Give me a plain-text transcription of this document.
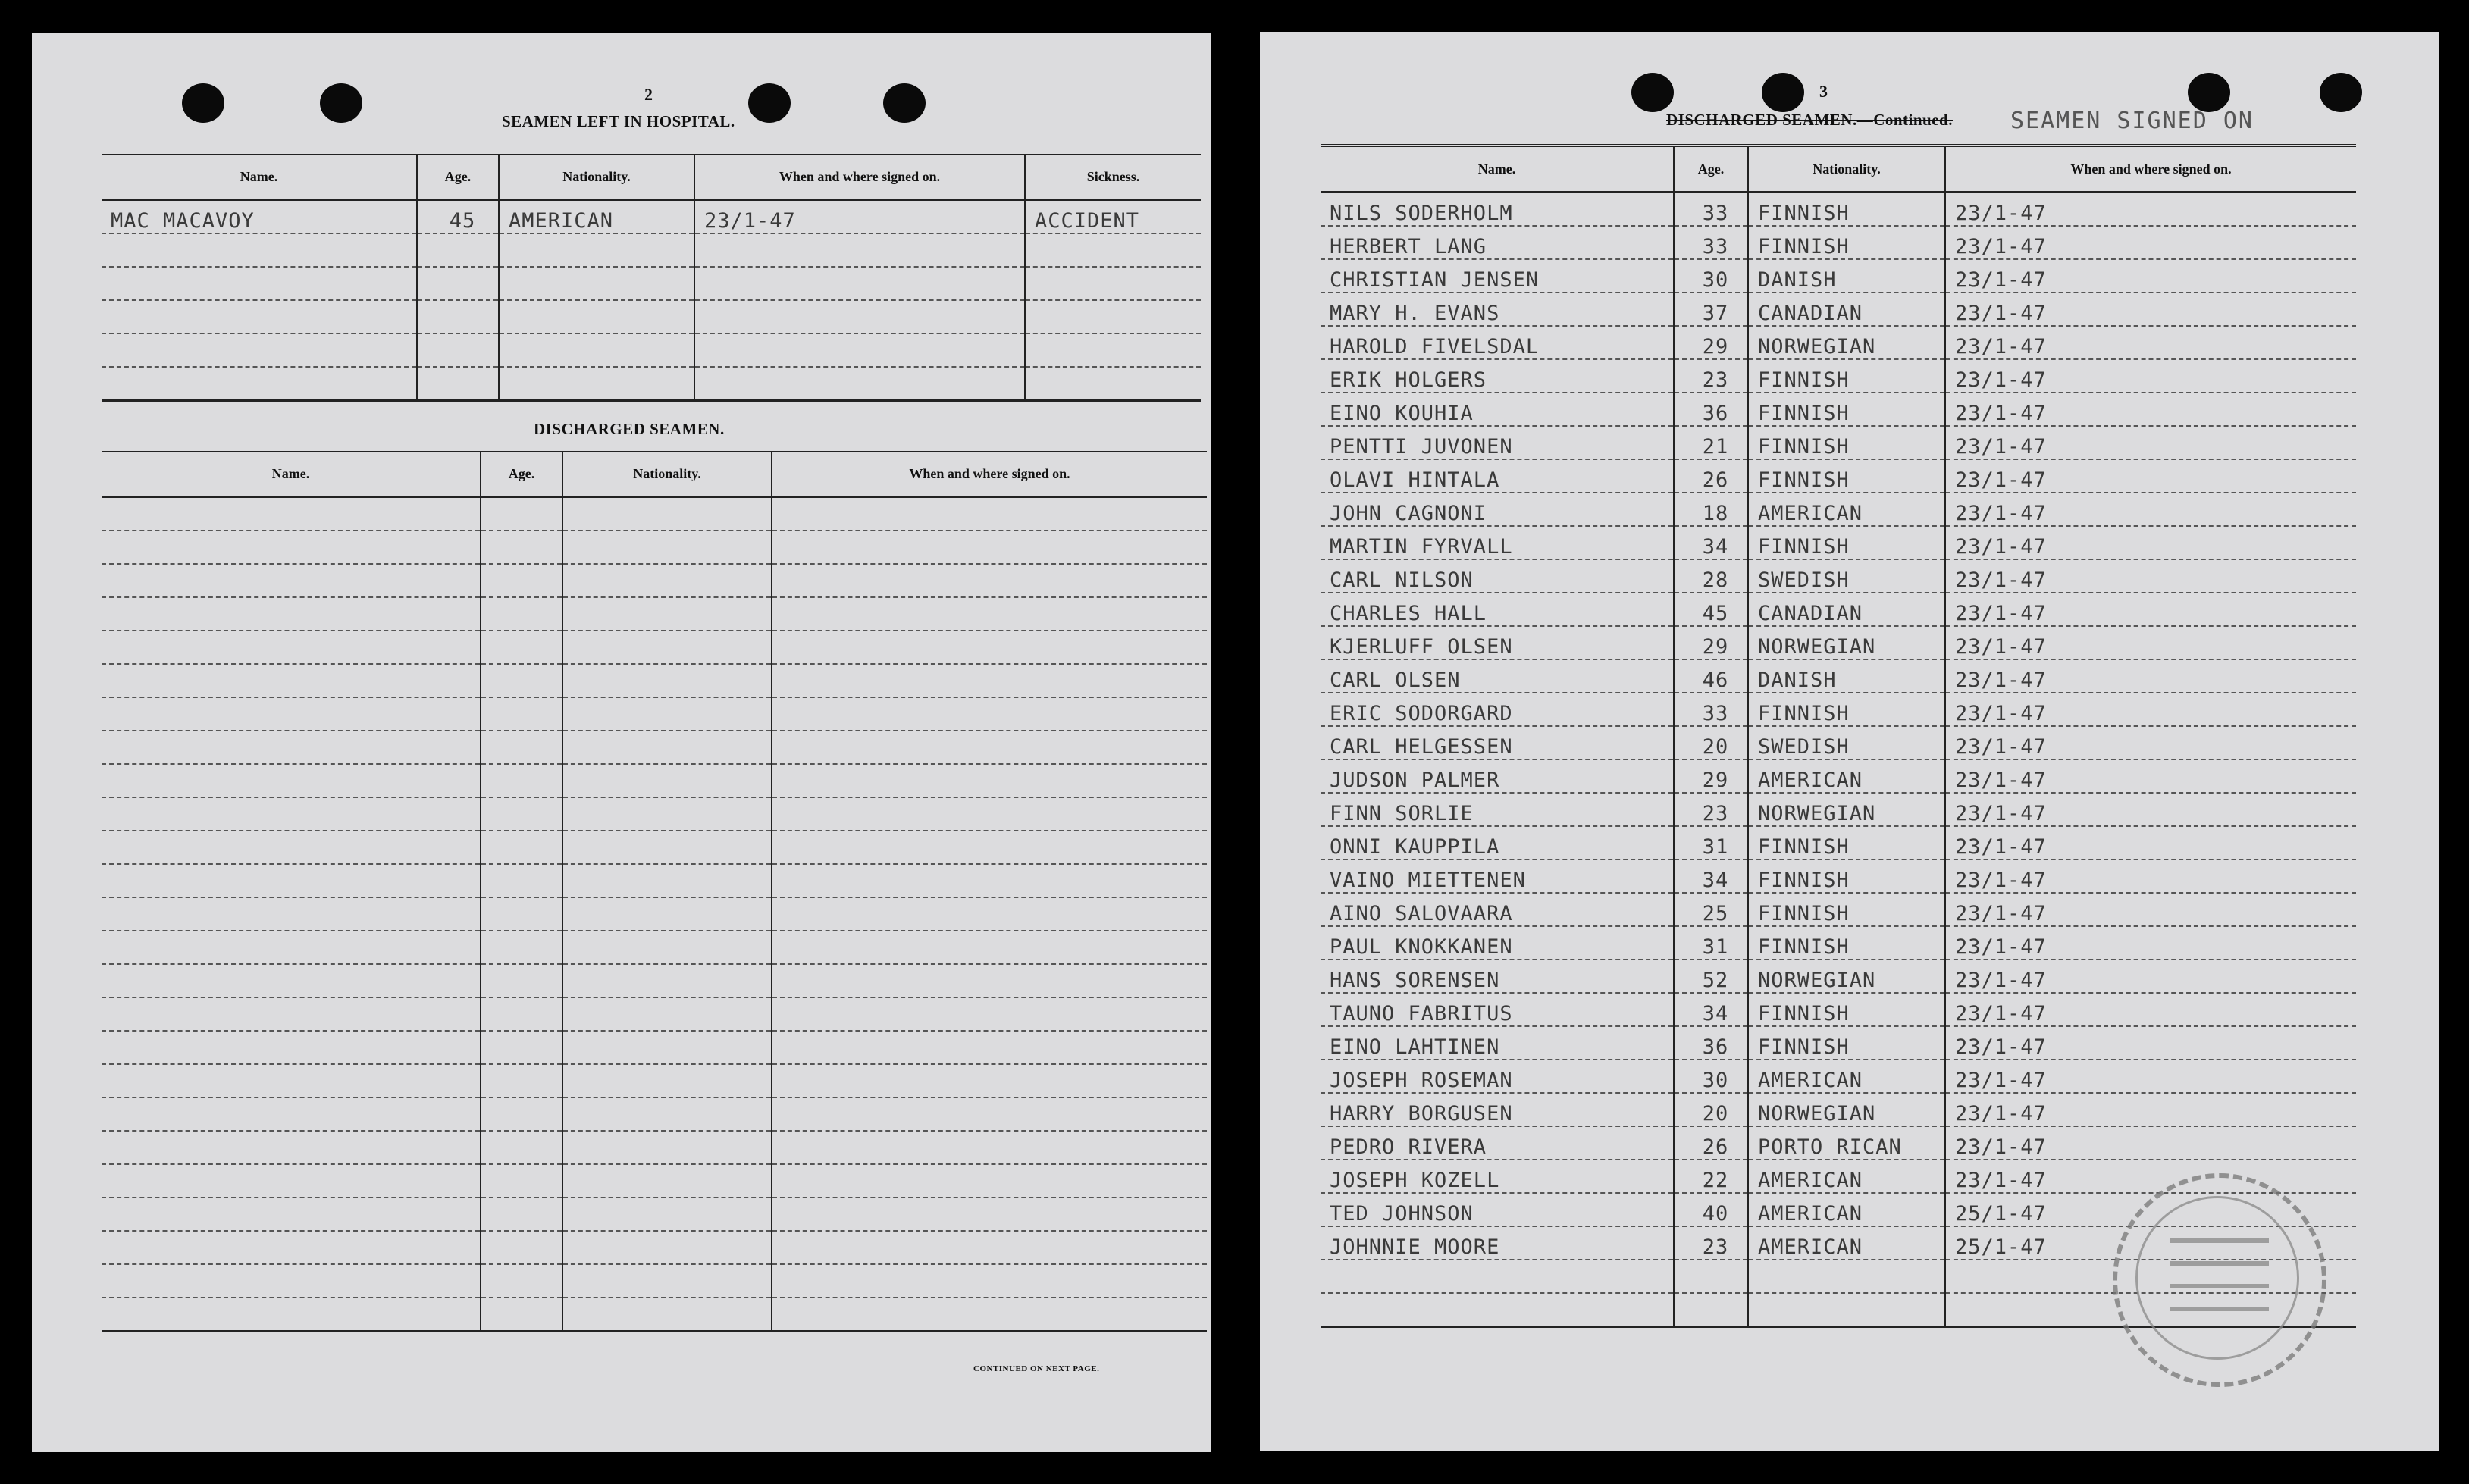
2
SEAMEN LEFT IN HOSPITAL.
Name.	Age.	Nationality.	When and where signed on.	Sickness.
MAC MACAVOY	45	AMERICAN	23/1-47	ACCIDENT

DISCHARGED SEAMEN.
Name.	Age.	Nationality.	When and where signed on.

CONTINUED ON NEXT PAGE.
3
DISCHARGED SEAMEN.—Continued.	SEAMEN SIGNED ON
Name.	Age.	Nationality.	When and where signed on.
NILS SODERHOLM	33	FINNISH	23/1-47
HERBERT LANG	33	FINNISH	23/1-47
CHRISTIAN JENSEN	30	DANISH	23/1-47
MARY H. EVANS	37	CANADIAN	23/1-47
HAROLD FIVELSDAL	29	NORWEGIAN	23/1-47
ERIK HOLGERS	23	FINNISH	23/1-47
EINO KOUHIA	36	FINNISH	23/1-47
PENTTI JUVONEN	21	FINNISH	23/1-47
OLAVI HINTALA	26	FINNISH	23/1-47
JOHN CAGNONI	18	AMERICAN	23/1-47
MARTIN FYRVALL	34	FINNISH	23/1-47
CARL NILSON	28	SWEDISH	23/1-47
CHARLES HALL	45	CANADIAN	23/1-47
KJERLUFF OLSEN	29	NORWEGIAN	23/1-47
CARL OLSEN	46	DANISH	23/1-47
ERIC SODORGARD	33	FINNISH	23/1-47
CARL HELGESSEN	20	SWEDISH	23/1-47
JUDSON PALMER	29	AMERICAN	23/1-47
FINN SORLIE	23	NORWEGIAN	23/1-47
ONNI KAUPPILA	31	FINNISH	23/1-47
VAINO MIETTENEN	34	FINNISH	23/1-47
AINO SALOVAARA	25	FINNISH	23/1-47
PAUL KNOKKANEN	31	FINNISH	23/1-47
HANS SORENSEN	52	NORWEGIAN	23/1-47
TAUNO FABRITUS	34	FINNISH	23/1-47
EINO LAHTINEN	36	FINNISH	23/1-47
JOSEPH ROSEMAN	30	AMERICAN	23/1-47
HARRY BORGUSEN	20	NORWEGIAN	23/1-47
PEDRO RIVERA	26	PORTO RICAN	23/1-47
JOSEPH KOZELL	22	AMERICAN	23/1-47
TED JOHNSON	40	AMERICAN	25/1-47
JOHNNIE MOORE	23	AMERICAN	25/1-47
